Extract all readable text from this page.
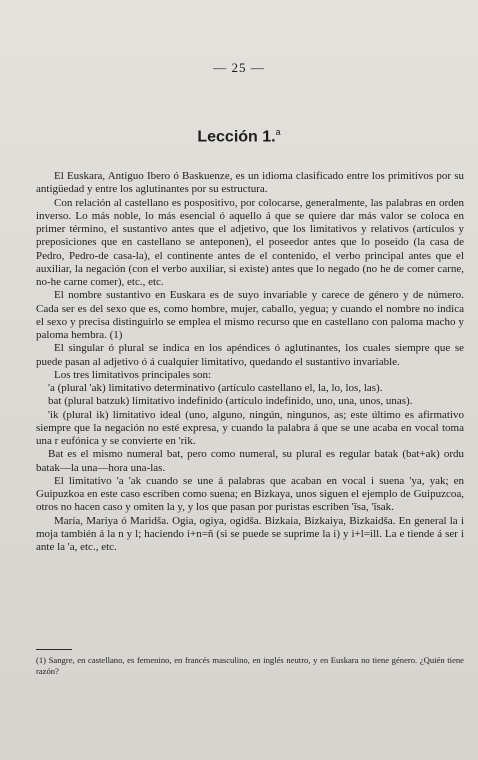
— 25 —
Lección 1.$^a$

El Euskara, Antiguo Ibero ó Baskuenze, es un idioma clasificado entre los primitivos por su antigüedad y entre los aglutinantes por su estructura.

Con relación al castellano es pospositivo, por colocarse, generalmente, las palabras en orden inverso. Lo más noble, lo más esencial ó aquello á que se quiere dar más valor se coloca en primer término, el sustantivo antes que el adjetivo, que los limitativos y relativos (artículos y preposiciones que en castellano se anteponen), el poseedor antes que lo poseído (la casa de Pedro, Pedro-de casa-la), el continente antes de el contenido, el verbo principal antes que el auxiliar, la negación (con el verbo auxiliar, si existe) antes que lo negado (no he de comer carne, no-he carne comer), etc., etc.

El nombre sustantivo en Euskara es de suyo invariable y carece de género y de número. Cada ser es del sexo que es, como hombre, mujer, caballo, yegua; y cuando el nombre no indica el sexo y precisa distinguirlo se emplea el mismo recurso que en castellano con paloma macho y paloma hembra. (1)

El singular ó plural se indica en los apéndices ó aglutinantes, los cuales siempre que se puede pasan al adjetivo ó á cualquier limitativo, quedando el sustantivo invariable.

Los tres limitativos principales son:

'a (plural 'ak) limitativo determinativo (artículo castellano el, la, lo, los, las).

bat (plural batzuk) limitativo indefinido (artículo indefinido, uno, una, unos, unas).

'ik (plural ik) limitativo ideal (uno, alguno, ningún, ningunos, as; este último es afirmativo siempre que la negación no esté expresa, y cuando la palabra á que se une acaba en vocal toma una r eufónica y se convierte en 'rik.

Bat es el mismo numeral bat, pero como numeral, su plural es regular batak (bat+ak) ordu batak—la una—hora una-las.

El limitativo 'a 'ak cuando se une á palabras que acaban en vocal i suena 'ya, yak; en Guipuzkoa en este caso escriben como suena; en Bizkaya, unos siguen el ejemplo de Guipuzcoa, otros no hacen caso y omiten la y, y los que pasan por puristas escriben 'ĭsa, 'ĭsak.

María, Mariya ó Maridša. Ogia, ogiya, ogidša. Bizkaia, Bizkaiya, Bizkaidša. En general la i moja también á la n y l; haciendo i+n=ñ (si se puede se suprime la i) y i+l=ill. La e tiende á ser i ante la 'a, etc., etc.

(1) Sangre, en castellano, es femenino, en francés masculino, en inglés neutro, y en Euskara no tiene género. ¿Quién tiene razón?
